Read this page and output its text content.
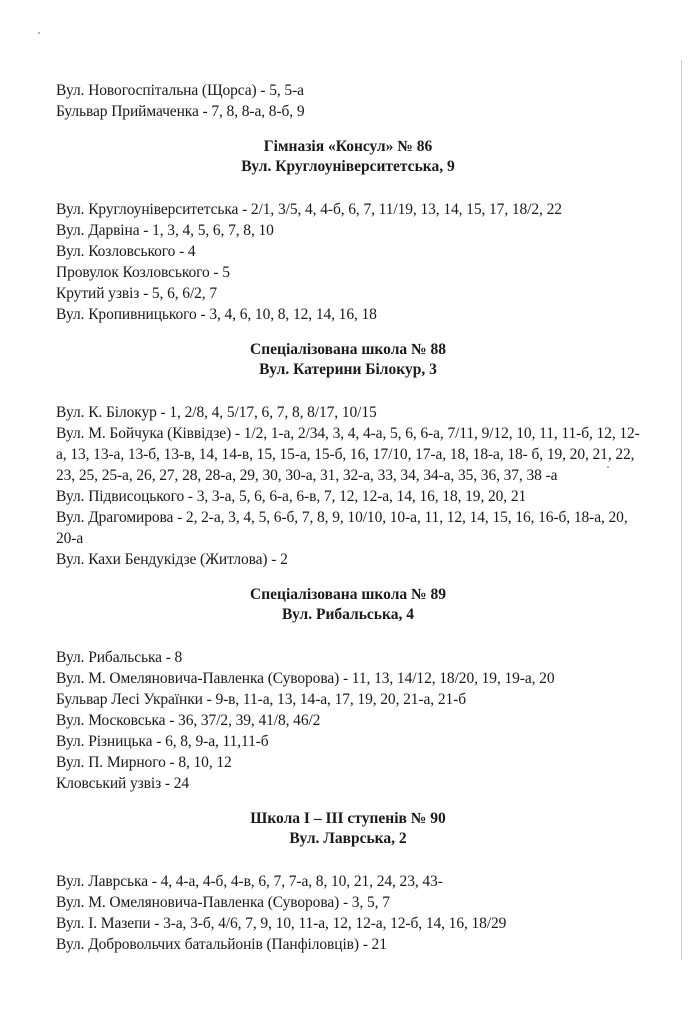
Вул. Новогоспітальна (Щорса) - 5, 5-а
Бульвар Приймаченка - 7, 8, 8-а, 8-б, 9
Гімназія «Консул» № 86
Вул. Круглоуніверситетська, 9
Вул. Круглоуніверситетська - 2/1, 3/5, 4, 4-б, 6, 7, 11/19, 13, 14, 15, 17, 18/2, 22
Вул. Дарвіна - 1, 3, 4, 5, 6, 7, 8, 10
Вул. Козловського - 4
Провулок Козловського - 5
Крутий узвіз - 5, 6, 6/2, 7
Вул. Кропивницького - 3, 4, 6, 10, 8, 12, 14, 16, 18
Спеціалізована школа № 88
Вул. Катерини Білокур, 3
Вул. К. Білокур - 1, 2/8, 4, 5/17, 6, 7, 8, 8/17, 10/15
Вул. М. Бойчука (Ківвідзе) - 1/2, 1-а, 2/34, 3, 4, 4-а, 5, 6, 6-а, 7/11, 9/12, 10, 11, 11-б, 12, 12-а, 13, 13-а, 13-б, 13-в, 14, 14-в, 15, 15-а, 15-б, 16, 17/10, 17-а, 18, 18-а, 18- б, 19, 20, 21, 22, 23, 25, 25-а, 26, 27, 28, 28-а, 29, 30, 30-а, 31, 32-а, 33, 34, 34-а, 35, 36, 37, 38 -а
Вул. Підвисоцького - 3, 3-а, 5, 6, 6-а, 6-в, 7, 12, 12-а, 14, 16, 18, 19, 20, 21
Вул. Драгомирова - 2, 2-а, 3, 4, 5, 6-б, 7, 8, 9, 10/10, 10-а, 11, 12, 14, 15, 16, 16-б, 18-а, 20, 20-а
Вул. Кахи Бендукідзе (Житлова) - 2
Спеціалізована школа № 89
Вул. Рибальська, 4
Вул. Рибальська - 8
Вул. М. Омеляновича-Павленка (Суворова) - 11, 13, 14/12, 18/20, 19, 19-а, 20
Бульвар Лесі Українки - 9-в, 11-а, 13, 14-а, 17, 19, 20, 21-а, 21-б
Вул. Московська - 36, 37/2, 39, 41/8, 46/2
Вул. Різницька - 6, 8, 9-а, 11,11-б
Вул. П. Мирного - 8, 10, 12
Кловський узвіз - 24
Школа I – III ступенів № 90
Вул. Лаврська, 2
Вул. Лаврська - 4, 4-а, 4-б, 4-в, 6, 7, 7-а, 8, 10, 21, 24, 23, 43-
Вул. М. Омеляновича-Павленка (Суворова) - 3, 5, 7
Вул. І. Мазепи - 3-а, 3-б, 4/6, 7, 9, 10, 11-а, 12, 12-а, 12-б, 14, 16, 18/29
Вул. Добровольчих батальйонів (Панфіловців) - 21
